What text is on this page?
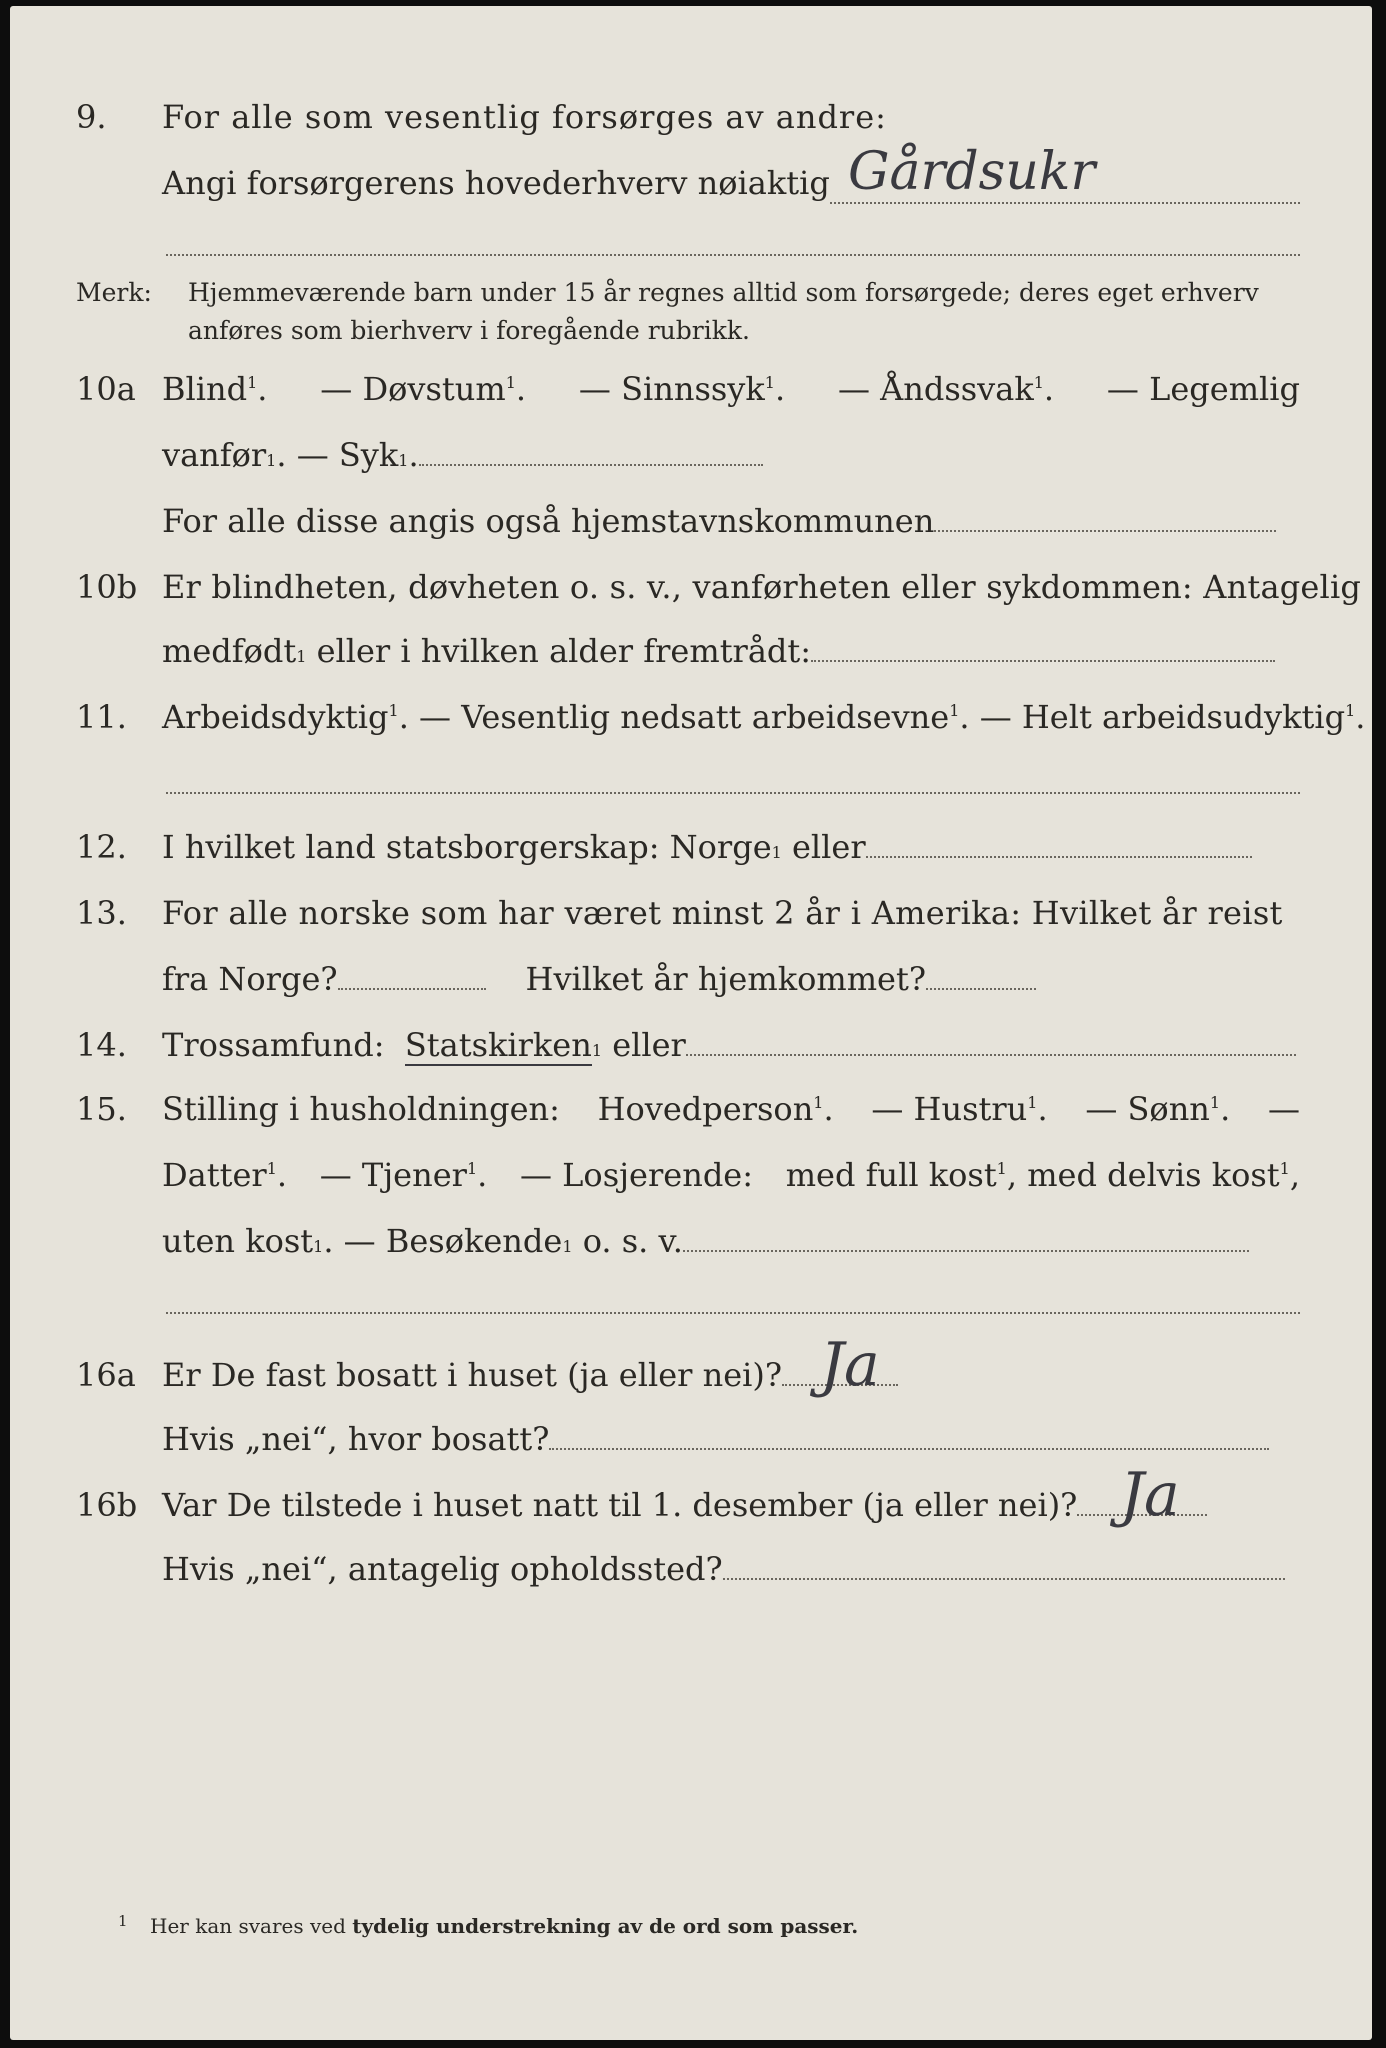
9. For alle som vesentlig forsørges av andre:
Angi forsørgerens hovederhverv nøiaktig Gårdsukr
Merk: Hjemmeværende barn under 15 år regnes alltid som forsørgede; deres eget erhverv
anføres som bierhverv i foregående rubrikk.
10a Blind$^1$. — Døvstum$^1$. — Sinnssyk$^1$. — Åndssvak$^1$. — Legemlig
vanfør 1 . — Syk 1 .
For alle disse angis også hjemstavnskommunen
10b Er blindheten, døvheten o. s. v., vanførheten eller sykdommen: Antagelig
medfødt 1
eller i hvilken alder fremtrådt:
11. Arbeidsdyktig$^1$. — Vesentlig nedsatt arbeidsevne$^1$. — Helt arbeidsudyktig$^1$.
12. I hvilket land statsborgerskap: Norge 1
eller
13. For alle norske som har været minst 2 år i Amerika: Hvilket år reist
fra Norge?	Hvilket år hjemkommet?
14. Trossamfund:
Statskirken 1
eller
15. Stilling i husholdningen: Hovedperson$^1$. — Hustru$^1$. — Sønn$^1$. —
Datter$^1$. — Tjener$^1$. — Losjerende: med full kost$^1$, med delvis kost$^1$,
uten kost 1 . — Besøkende 1
o. s. v.
16a Er De fast bosatt i huset (ja eller nei)? Ja
Hvis „nei“, hvor bosatt?
16b Var De tilstede i huset natt til 1. desember (ja eller nei)? Ja
Hvis „nei“, antagelig opholdssted?
1 Her kan svares ved tydelig understrekning av de ord som passer.
